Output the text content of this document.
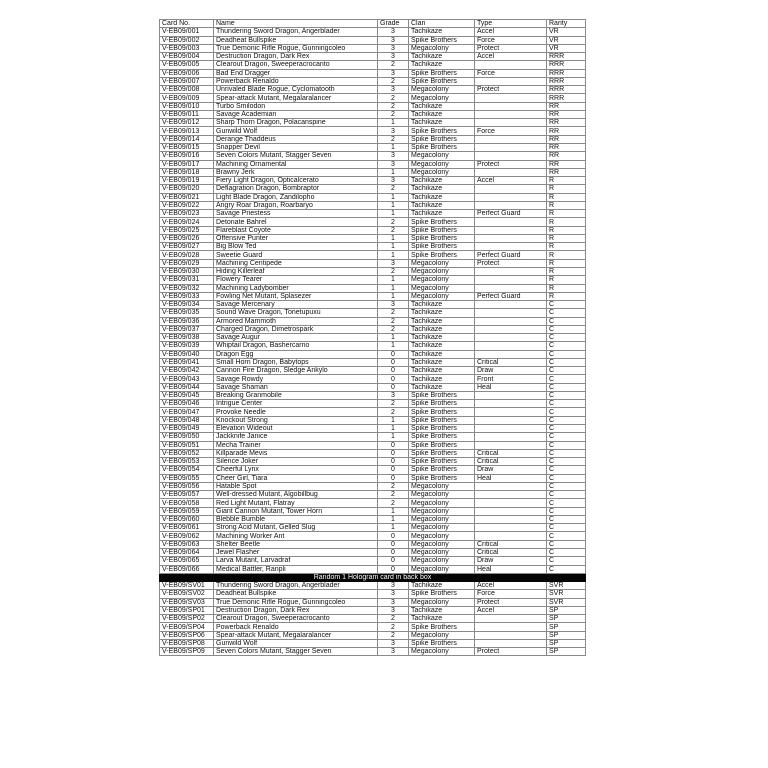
Card No.	Name	Grade	Clan	Type	Rarity
V-EB09/001	Thundering Sword Dragon, Angerblader	3	Tachikaze	Accel	VR
V-EB09/002	Deadheat Bullspike	3	Spike Brothers	Force	VR
V-EB09/003	True Demonic Rifle Rogue, Gunningcoleo	3	Megacolony	Protect	VR
V-EB09/004	Destruction Dragon, Dark Rex	3	Tachikaze	Accel	RRR
V-EB09/005	Clearout Dragon, Sweeperacrocanto	2	Tachikaze		RRR
V-EB09/006	Bad End Dragger	3	Spike Brothers	Force	RRR
V-EB09/007	Powerback Renaldo	2	Spike Brothers		RRR
V-EB09/008	Unrivaled Blade Rogue, Cyclomatooth	3	Megacolony	Protect	RRR
V-EB09/009	Spear-attack Mutant, Megalaralancer	2	Megacolony		RRR
V-EB09/010	Turbo Smilodon	2	Tachikaze		RR
V-EB09/011	Savage Academian	2	Tachikaze		RR
V-EB09/012	Sharp Thorn Dragon, Polacanspine	1	Tachikaze		RR
V-EB09/013	Gunwild Wolf	3	Spike Brothers	Force	RR
V-EB09/014	Derange Thaddeus	2	Spike Brothers		RR
V-EB09/015	Snapper Devil	1	Spike Brothers		RR
V-EB09/016	Seven Colors Mutant, Stagger Seven	3	Megacolony		RR
V-EB09/017	Machining Ornamental	3	Megacolony	Protect	RR
V-EB09/018	Brawny Jerk	1	Megacolony		RR
V-EB09/019	Fiery Light Dragon, Opticalcerato	3	Tachikaze	Accel	R
V-EB09/020	Deflagration Dragon, Bombraptor	2	Tachikaze		R
V-EB09/021	Light Blade Dragon, Zandilopho	1	Tachikaze		R
V-EB09/022	Angry Roar Dragon, Roarbaryo	1	Tachikaze		R
V-EB09/023	Savage Priestess	1	Tachikaze	Perfect Guard	R
V-EB09/024	Detonate Bahrel	2	Spike Brothers		R
V-EB09/025	Flareblast Coyote	2	Spike Brothers		R
V-EB09/026	Offensive Punter	1	Spike Brothers		R
V-EB09/027	Big Blow Ted	1	Spike Brothers		R
V-EB09/028	Sweetie Guard	1	Spike Brothers	Perfect Guard	R
V-EB09/029	Machining Centipede	3	Megacolony	Protect	R
V-EB09/030	Hiding Killerleaf	2	Megacolony		R
V-EB09/031	Flowery Tearer	1	Megacolony		R
V-EB09/032	Machining Ladybomber	1	Megacolony		R
V-EB09/033	Fowling Net Mutant, Splasezer	1	Megacolony	Perfect Guard	R
V-EB09/034	Savage Mercenary	3	Tachikaze		C
V-EB09/035	Sound Wave Dragon, Tonetupuxu	2	Tachikaze		C
V-EB09/036	Armored Mammoth	2	Tachikaze		C
V-EB09/037	Charged Dragon, Dimetrospark	2	Tachikaze		C
V-EB09/038	Savage Augur	1	Tachikaze		C
V-EB09/039	Whiptail Dragon, Bashercarno	1	Tachikaze		C
V-EB09/040	Dragon Egg	0	Tachikaze		C
V-EB09/041	Small Horn Dragon, Babytops	0	Tachikaze	Critical	C
V-EB09/042	Cannon Fire Dragon, Sledge Ankylo	0	Tachikaze	Draw	C
V-EB09/043	Savage Rowdy	0	Tachikaze	Front	C
V-EB09/044	Savage Shaman	0	Tachikaze	Heal	C
V-EB09/045	Breaking Granmobile	3	Spike Brothers		C
V-EB09/046	Intrigue Center	2	Spike Brothers		C
V-EB09/047	Provoke Needle	2	Spike Brothers		C
V-EB09/048	Knockout Strong	1	Spike Brothers		C
V-EB09/049	Elevation Wideout	1	Spike Brothers		C
V-EB09/050	Jackknife Janice	1	Spike Brothers		C
V-EB09/051	Mecha Trainer	0	Spike Brothers		C
V-EB09/052	Killparade Mevis	0	Spike Brothers	Critical	C
V-EB09/053	Silence Joker	0	Spike Brothers	Critical	C
V-EB09/054	Cheerful Lynx	0	Spike Brothers	Draw	C
V-EB09/055	Cheer Girl, Tiara	0	Spike Brothers	Heal	C
V-EB09/056	Hatable Spot	2	Megacolony		C
V-EB09/057	Well-dressed Mutant, Algobillbug	2	Megacolony		C
V-EB09/058	Red Light Mutant, Flatray	2	Megacolony		C
V-EB09/059	Giant Cannon Mutant, Tower Horn	1	Megacolony		C
V-EB09/060	Blebble Bumble	1	Megacolony		C
V-EB09/061	Strong Acid Mutant, Gelled Slug	1	Megacolony		C
V-EB09/062	Machining Worker Ant	0	Megacolony		C
V-EB09/063	Shelter Beetle	0	Megacolony	Critical	C
V-EB09/064	Jewel Flasher	0	Megacolony	Critical	C
V-EB09/065	Larva Mutant, Larvadraf	0	Megacolony	Draw	C
V-EB09/066	Medical Battler, Ranpli	0	Megacolony	Heal	C
Random 1 Hologram card in back box					
V-EB09/SV01	Thundering Sword Dragon, Angerblader	3	Tachikaze	Accel	SVR
V-EB09/SV02	Deadheat Bullspike	3	Spike Brothers	Force	SVR
V-EB09/SV03	True Demonic Rifle Rogue, Gunningcoleo	3	Megacolony	Protect	SVR
V-EB09/SP01	Destruction Dragon, Dark Rex	3	Tachikaze	Accel	SP
V-EB09/SP02	Clearout Dragon, Sweeperacrocanto	2	Tachikaze		SP
V-EB09/SP04	Powerback Renaldo	2	Spike Brothers		SP
V-EB09/SP06	Spear-attack Mutant, Megalaralancer	2	Megacolony		SP
V-EB09/SP08	Gunwild Wolf	3	Spike Brothers		SP
V-EB09/SP09	Seven Colors Mutant, Stagger Seven	3	Megacolony	Protect	SP
